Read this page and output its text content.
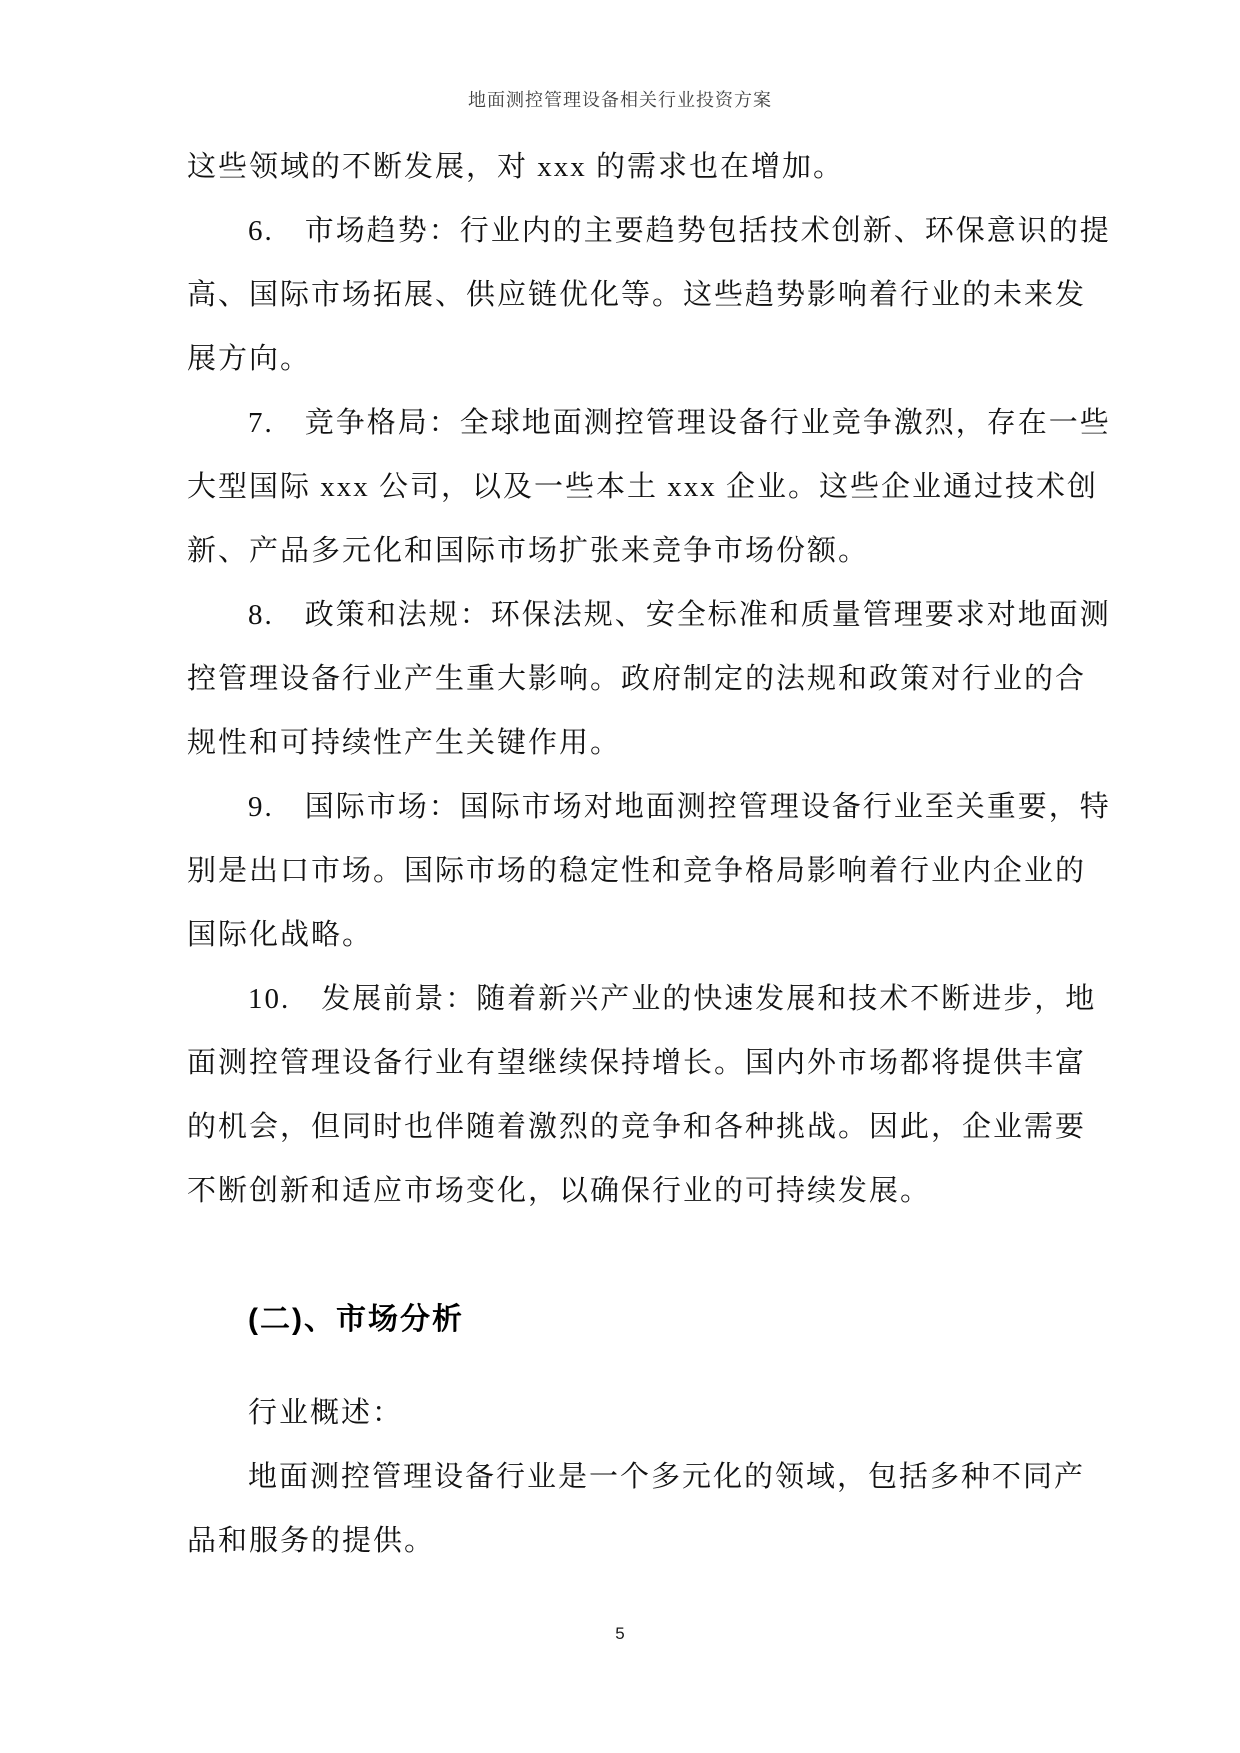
地面测控管理设备相关行业投资方案
这些领域的不断发展，对 xxx 的需求也在增加。
6.　市场趋势：行业内的主要趋势包括技术创新、环保意识的提
高、国际市场拓展、供应链优化等。这些趋势影响着行业的未来发
展方向。
7.　竞争格局：全球地面测控管理设备行业竞争激烈，存在一些
大型国际 xxx 公司，以及一些本土 xxx 企业。这些企业通过技术创
新、产品多元化和国际市场扩张来竞争市场份额。
8.　政策和法规：环保法规、安全标准和质量管理要求对地面测
控管理设备行业产生重大影响。政府制定的法规和政策对行业的合
规性和可持续性产生关键作用。
9.　国际市场：国际市场对地面测控管理设备行业至关重要，特
别是出口市场。国际市场的稳定性和竞争格局影响着行业内企业的
国际化战略。
10.　发展前景：随着新兴产业的快速发展和技术不断进步，地
面测控管理设备行业有望继续保持增长。国内外市场都将提供丰富
的机会，但同时也伴随着激烈的竞争和各种挑战。因此，企业需要
不断创新和适应市场变化，以确保行业的可持续发展。
(二)、市场分析
行业概述：
地面测控管理设备行业是一个多元化的领域，包括多种不同产
品和服务的提供。
5
